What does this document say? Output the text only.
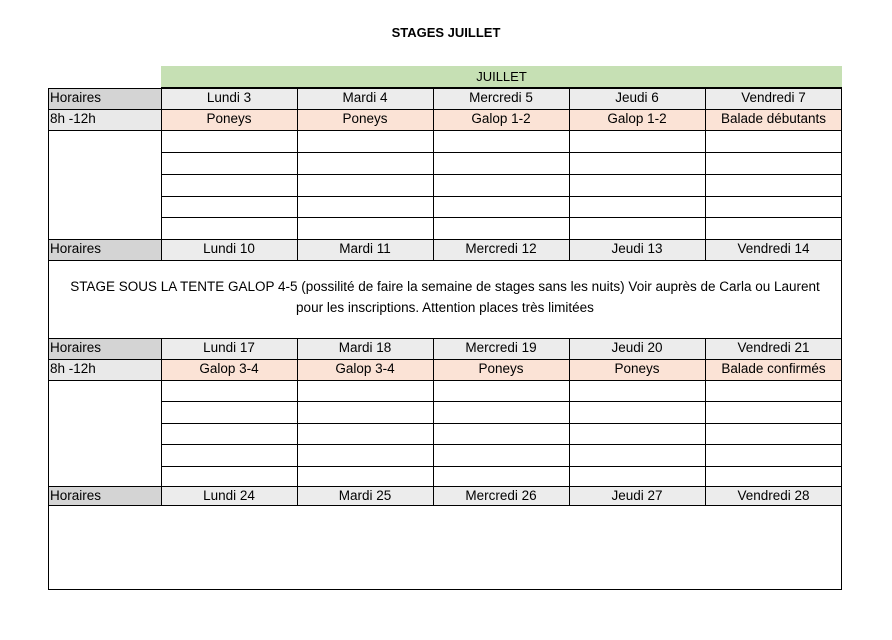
STAGES JUILLET
JUILLET
Horaires	Lundi 3	Mardi 4	Mercredi 5	Jeudi 6	Vendredi 7
8h -12h	Poneys	Poneys	Galop 1-2	Galop 1-2	Balade débutants
Horaires	Lundi 10	Mardi 11	Mercredi 12	Jeudi 13	Vendredi 14
STAGE SOUS LA TENTE GALOP 4-5 (possilité de faire la semaine de stages sans les nuits) Voir auprès de Carla ou Laurent pour les inscriptions. Attention places très limitées
Horaires	Lundi 17	Mardi 18	Mercredi 19	Jeudi 20	Vendredi 21
8h -12h	Galop 3-4	Galop 3-4	Poneys	Poneys	Balade confirmés
Horaires	Lundi 24	Mardi 25	Mercredi 26	Jeudi 27	Vendredi 28
